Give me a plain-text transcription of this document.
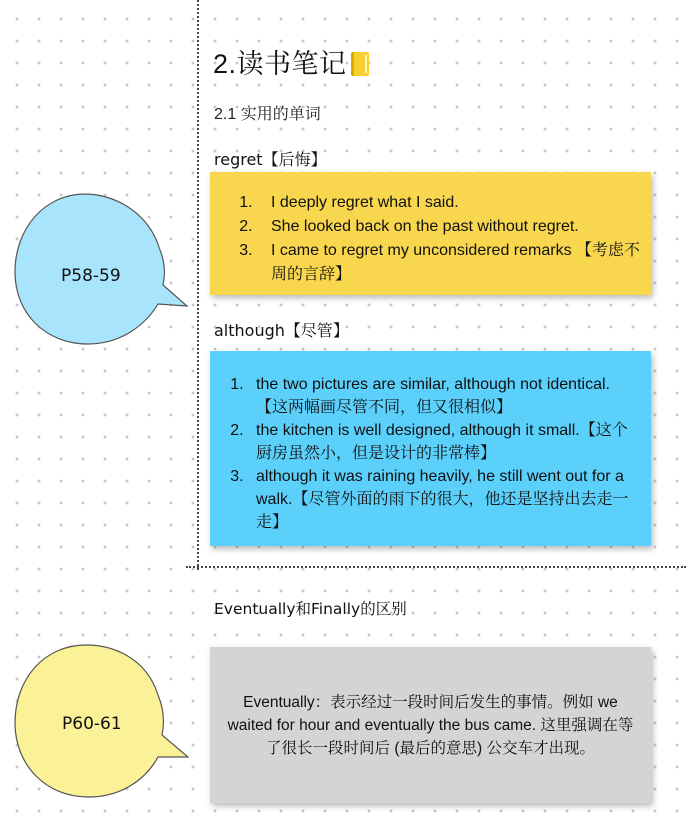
2.读书笔记
2.1 实用的单词
regret【后悔】
1. I deeply regret what I said.
2. She looked back on the past without regret.
3. I came to regret my unconsidered remarks 【考虑不周的言辞】
although【尽管】
1. the two pictures are similar, although not identical.【这两幅画尽管不同，但又很相似】
2. the kitchen is well designed, although it small.【这个厨房虽然小，但是设计的非常棒】
3. although it was raining heavily, he still went out for a walk.【尽管外面的雨下的很大，他还是坚持出去走一走】
Eventually和Finally的区别

Eventually：表示经过一段时间后发生的事情。例如 we waited for hour and eventually the bus came. 这里强调在等了很长一段时间后 (最后的意思) 公交车才出现。

P58-59
P60-61
